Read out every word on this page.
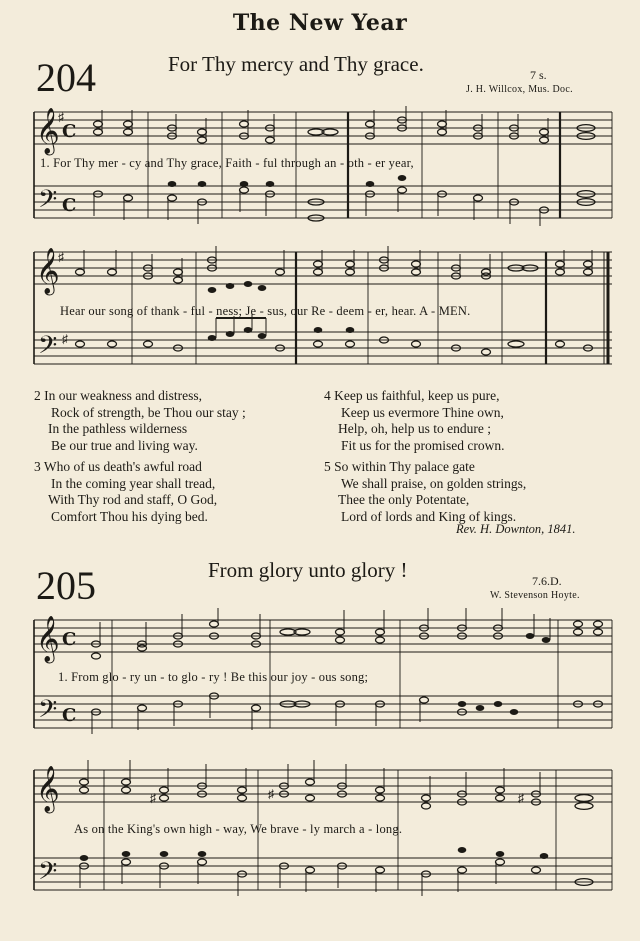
The New Year
204	For Thy mercy and Thy grace.	7 s.
J. H. Willcox, Mus. Doc.
𝄞
𝄢
♯
C
C
1. For Thy mer - cy and Thy grace, Faith - ful through an - oth - er year,
𝄞
𝄢
♯
♯
Hear our song of thank - ful - ness; Je - sus, our Re - deem - er, hear. A - MEN.
2 In our weakness and distress,
Rock of strength, be Thou our stay ;
In the pathless wilderness
Be our true and living way.
3 Who of us death's awful road
In the coming year shall tread,
With Thy rod and staff, O God,
Comfort Thou his dying bed.
4 Keep us faithful, keep us pure,
Keep us evermore Thine own,
Help, oh, help us to endure ;
Fit us for the promised crown.
5 So within Thy palace gate
We shall praise, on golden strings,
Thee the only Potentate,
Lord of lords and King of kings.
Rev. H. Downton, 1841.
205	From glory unto glory !	7.6.D.
W. Stevenson Hoyte.
𝄞
𝄢
C
C
1. From glo - ry un - to glo - ry ! Be this our joy - ous song;
𝄞
𝄢
♯	♯	♯
As on the King's own high - way, We brave - ly march a - long.
